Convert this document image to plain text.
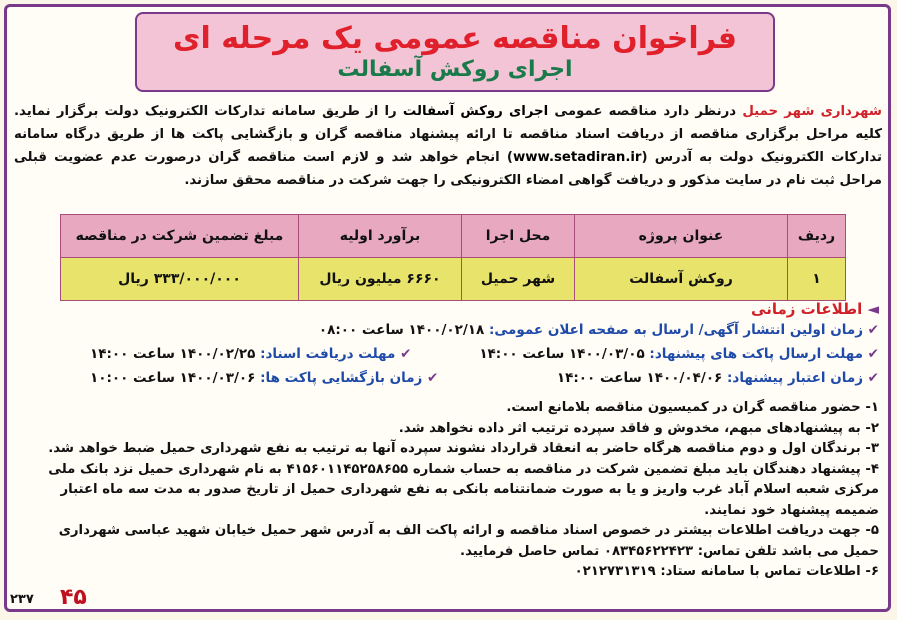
فراخوان مناقصه عمومی یک مرحله ای
اجرای روکش آسفالت
شهرداری شهر حمیل درنظر دارد مناقصه عمومی اجرای روکش آسفالت را از طریق سامانه تدارکات الکترونیک دولت برگزار نماید. کلیه مراحل برگزاری مناقصه از دریافت اسناد مناقصه تا ارائه پیشنهاد مناقصه گران و بازگشایی پاکت ها از طریق درگاه سامانه تدارکات الکترونیک دولت به آدرس (www.setadiran.ir) انجام خواهد شد و لازم است مناقصه گران درصورت عدم عضویت قبلی مراحل ثبت نام در سایت مذکور و دریافت گواهی امضاء الکترونیکی را جهت شرکت در مناقصه محقق سازند.
ردیف	عنوان پروژه	محل اجرا	برآورد اولیه	مبلغ تضمین شرکت در مناقصه
۱	روکش آسفالت	شهر حمیل	۶۶۶۰ میلیون ریال	۳۳۳/۰۰۰/۰۰۰ ریال
◄ اطلاعات زمانی
✔ زمان اولین انتشار آگهی/ ارسال به صفحه اعلان عمومی: ۱۴۰۰/۰۲/۱۸ ساعت ۰۸:۰۰
✔ مهلت ارسال پاکت های پیشنهاد: ۱۴۰۰/۰۳/۰۵ ساعت ۱۴:۰۰
✔ مهلت دریافت اسناد: ۱۴۰۰/۰۲/۲۵ ساعت ۱۴:۰۰
✔ زمان اعتبار پیشنهاد: ۱۴۰۰/۰۴/۰۶ ساعت ۱۴:۰۰
✔ زمان بازگشایی پاکت ها: ۱۴۰۰/۰۳/۰۶ ساعت ۱۰:۰۰
۱- حضور مناقصه گران در کمیسیون مناقصه بلامانع است.
۲- به پیشنهادهای مبهم، مخدوش و فاقد سپرده ترتیب اثر داده نخواهد شد.
۳- برندگان اول و دوم مناقصه هرگاه حاضر به انعقاد قرارداد نشوند سپرده آنها به ترتیب به نفع شهرداری حمیل ضبط خواهد شد.
۴- پیشنهاد دهندگان باید مبلغ تضمین شرکت در مناقصه به حساب شماره ۴۱۵۶۰۱۱۴۵۲۵۸۶۵۵ به نام شهرداری حمیل نزد بانک ملی مرکزی شعبه اسلام آباد غرب واریز و یا به صورت ضمانتنامه بانکی به نفع شهرداری حمیل از تاریخ صدور به مدت سه ماه اعتبار ضمیمه پیشنهاد خود نمایند.
۵- جهت دریافت اطلاعات بیشتر در خصوص اسناد مناقصه و ارائه پاکت الف به آدرس شهر حمیل خیابان شهید عباسی شهرداری حمیل می باشد تلفن تماس: ۰۸۳۴۵۶۲۲۴۲۳ تماس حاصل فرمایید.
۶- اطلاعات تماس با سامانه ستاد: ۰۲۱۲۷۳۱۳۱۹
۴۵
۲۳۷
